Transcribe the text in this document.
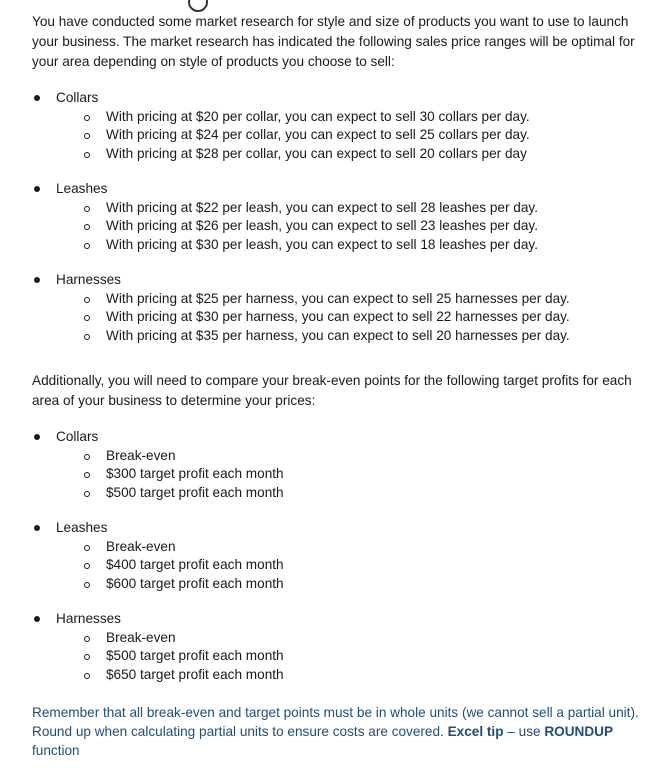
You have conducted some market research for style and size of products you want to use to launch your business. The market research has indicated the following sales price ranges will be optimal for your area depending on style of products you choose to sell:

Collars
With pricing at $20 per collar, you can expect to sell 30 collars per day.
With pricing at $24 per collar, you can expect to sell 25 collars per day.
With pricing at $28 per collar, you can expect to sell 20 collars per day
Leashes
With pricing at $22 per leash, you can expect to sell 28 leashes per day.
With pricing at $26 per leash, you can expect to sell 23 leashes per day.
With pricing at $30 per leash, you can expect to sell 18 leashes per day.
Harnesses
With pricing at $25 per harness, you can expect to sell 25 harnesses per day.
With pricing at $30 per harness, you can expect to sell 22 harnesses per day.
With pricing at $35 per harness, you can expect to sell 20 harnesses per day.

Additionally, you will need to compare your break-even points for the following target profits for each area of your business to determine your prices:

Collars
Break-even
$300 target profit each month
$500 target profit each month
Leashes
Break-even
$400 target profit each month
$600 target profit each month
Harnesses
Break-even
$500 target profit each month
$650 target profit each month

Remember that all break-even and target points must be in whole units (we cannot sell a partial unit). Round up when calculating partial units to ensure costs are covered. Excel tip – use ROUNDUP function
